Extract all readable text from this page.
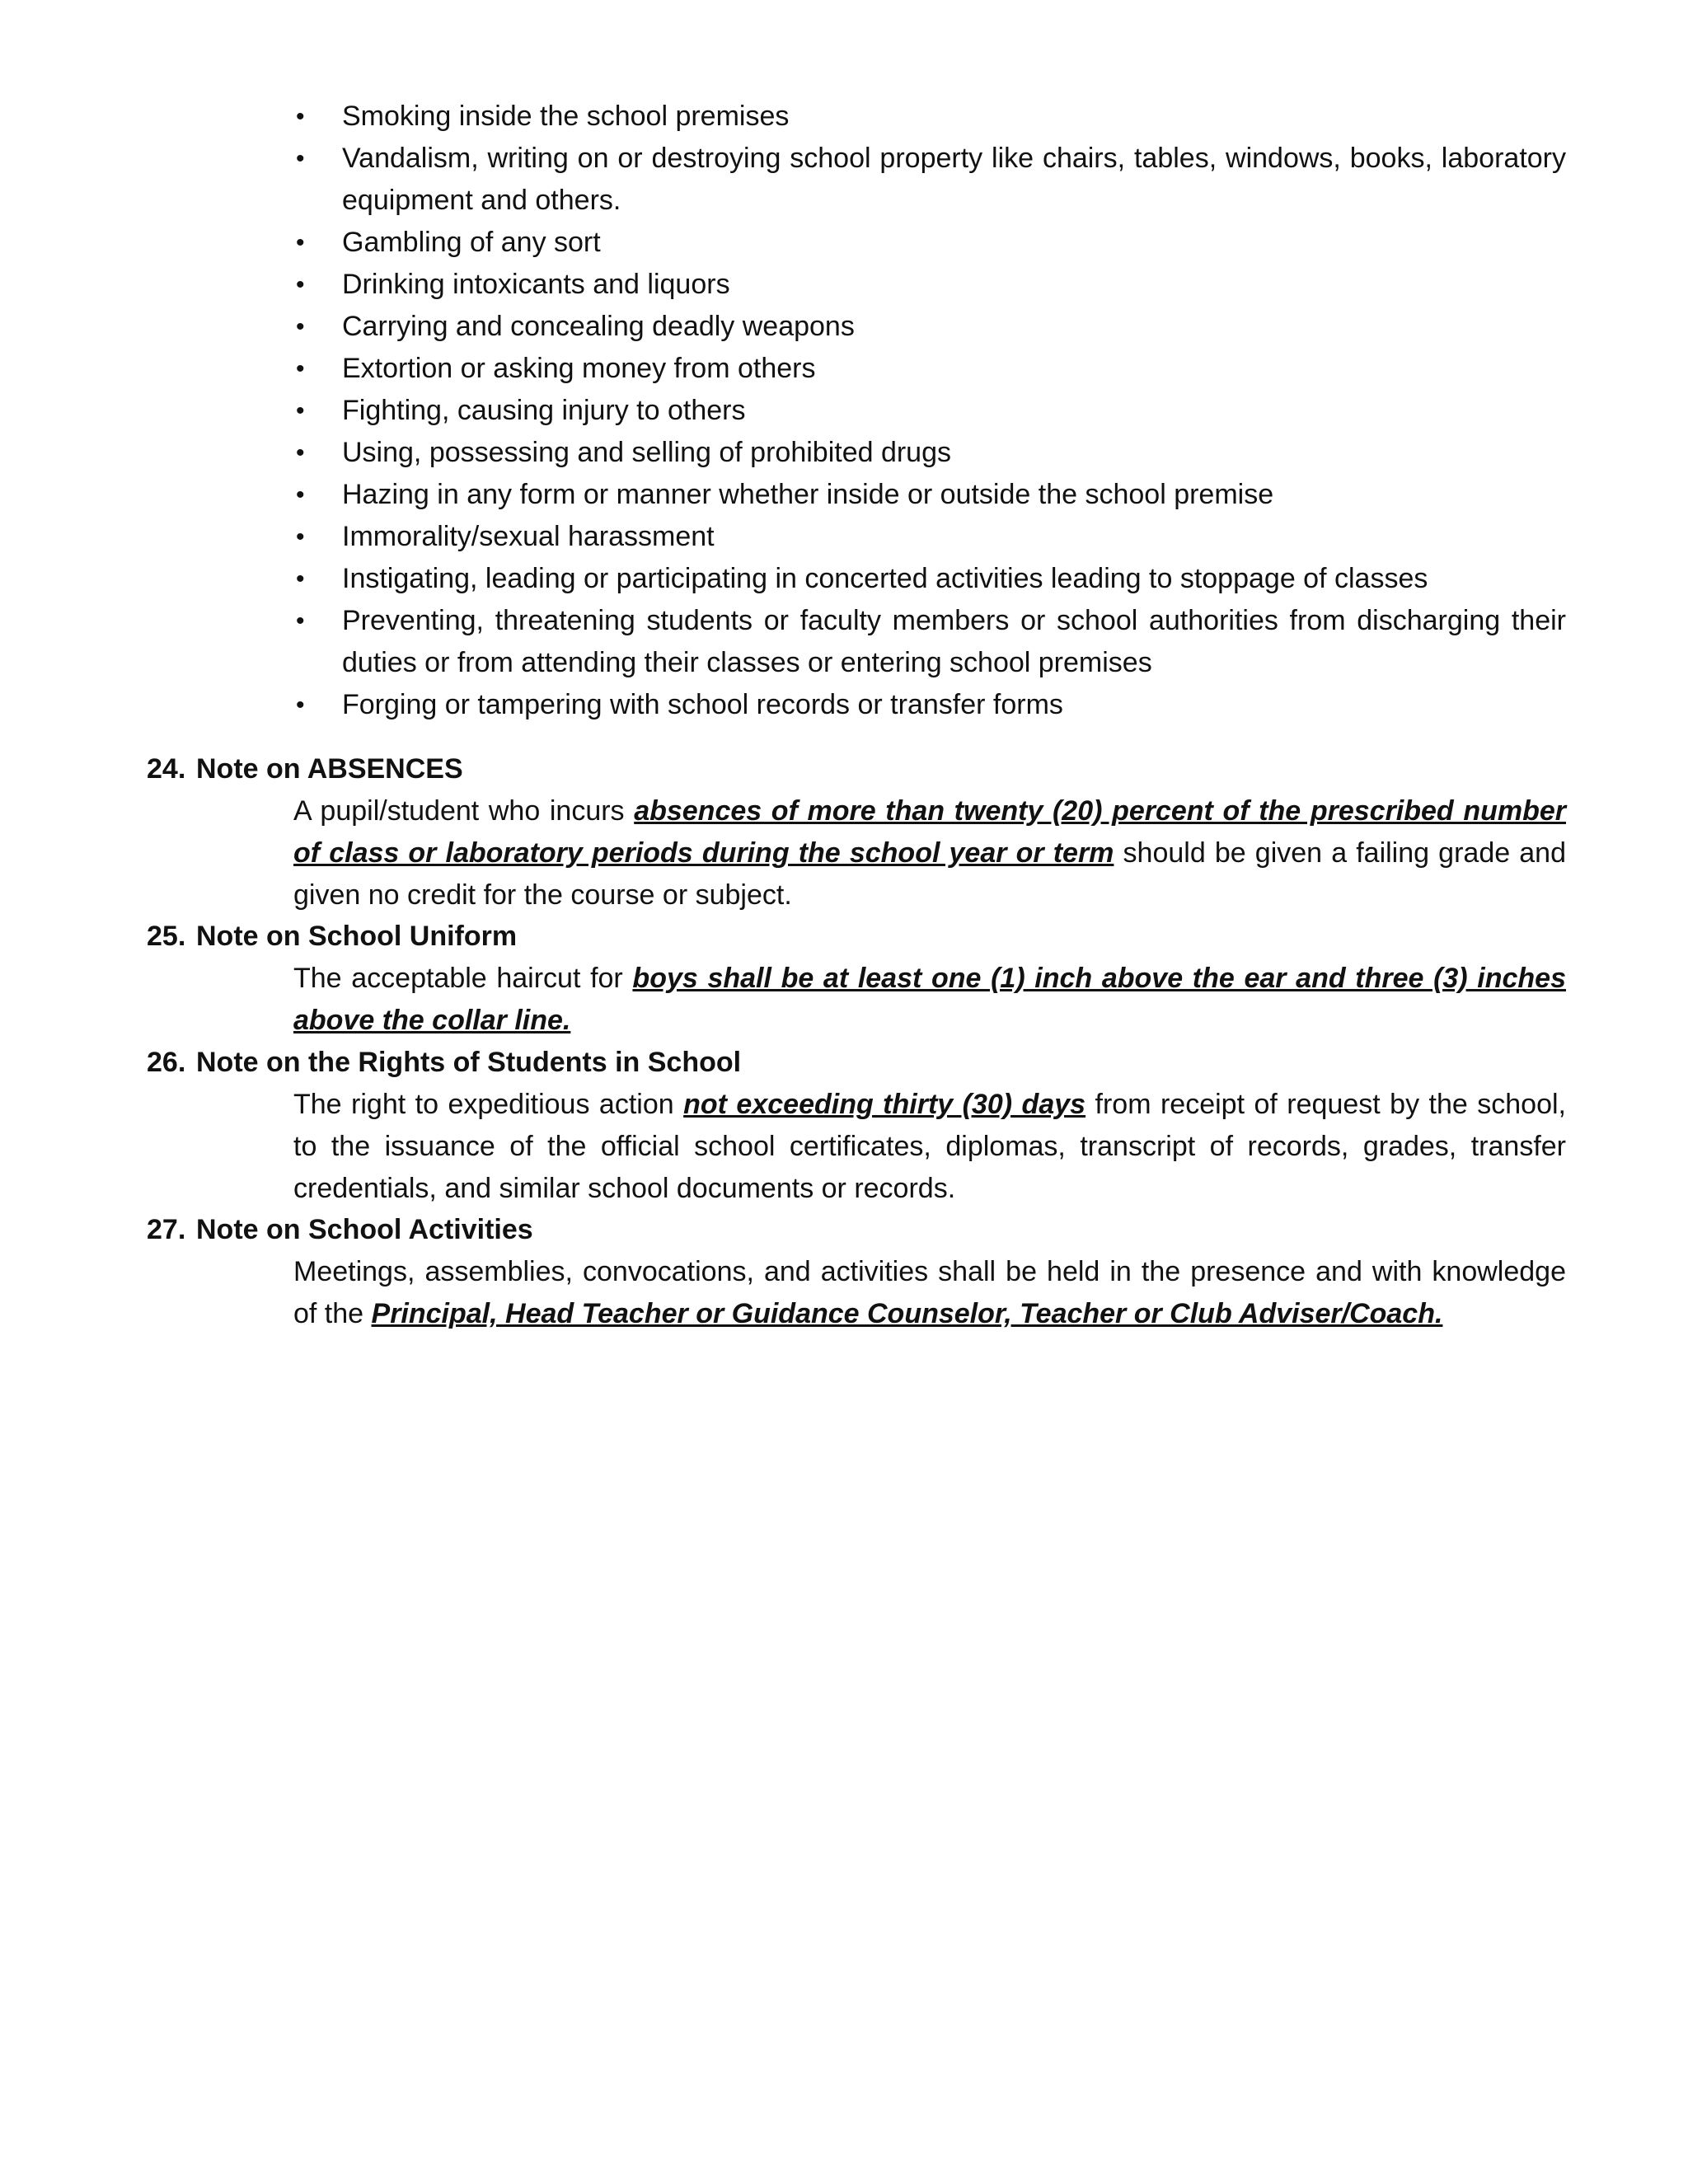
•	Smoking inside the school premises
•	Vandalism, writing on or destroying school property like chairs, tables, windows, books, laboratory equipment and others.
•	Gambling of any sort
•	Drinking intoxicants and liquors
•	Carrying and concealing deadly weapons
•	Extortion or asking money from others
•	Fighting, causing injury to others
•	Using, possessing and selling of prohibited drugs
•	Hazing in any form or manner whether inside or outside the school premise
•	Immorality/sexual harassment
•	Instigating, leading or participating in concerted activities leading to stoppage of classes
•	Preventing, threatening students or faculty members or school authorities from discharging their duties or from attending their classes or entering school premises
•	Forging or tampering with school records or transfer forms
24. Note on ABSENCES
A pupil/student who incurs absences of more than twenty (20) percent of the prescribed number of class or laboratory periods during the school year or term should be given a failing grade and given no credit for the course or subject.
25. Note on School Uniform
The acceptable haircut for boys shall be at least one (1) inch above the ear and three (3) inches above the collar line.
26. Note on the Rights of Students in School
The right to expeditious action not exceeding thirty (30) days from receipt of request by the school, to the issuance of the official school certificates, diplomas, transcript of records, grades, transfer credentials, and similar school documents or records.
27. Note on School Activities
Meetings, assemblies, convocations, and activities shall be held in the presence and with knowledge of the Principal, Head Teacher or Guidance Counselor, Teacher or Club Adviser/Coach.
